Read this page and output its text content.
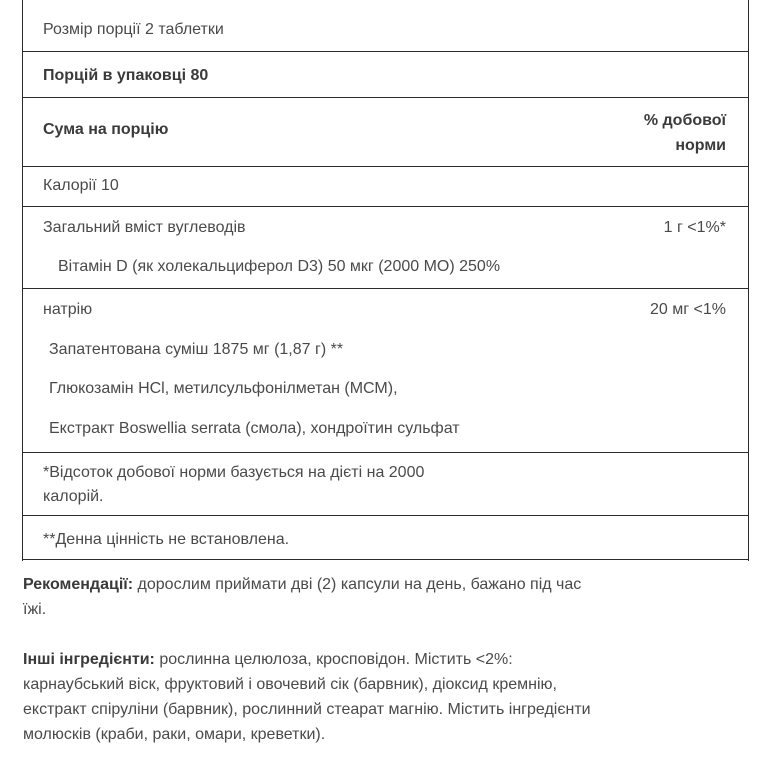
Розмір порції 2 таблетки
Порцій в упаковці 80
Сума на порцію
% добової
норми
Калорії 10
Загальний вміст вуглеводів	1 г <1%*
Вітамін D (як холекальциферол D3) 50 мкг (2000 МО) 250%
натрію	20 мг <1%
Запатентована суміш 1875 мг (1,87 г) **
Глюкозамін HCl, метилсульфонілметан (МСМ),
Екстракт Boswellia serrata (смола), хондроїтин сульфат
*Відсоток добової норми базується на дієті на 2000
калорій.
**Денна цінність не встановлена.
Рекомендації: дорослим приймати дві (2) капсули на день, бажано під час
їжі.
Інші інгредієнти: рослинна целюлоза, кросповідон. Містить <2%:
карнаубський віск, фруктовий і овочевий сік (барвник), діоксид кремнію,
екстракт спіруліни (барвник), рослинний стеарат магнію. Містить інгредієнти
молюсків (краби, раки, омари, креветки).
